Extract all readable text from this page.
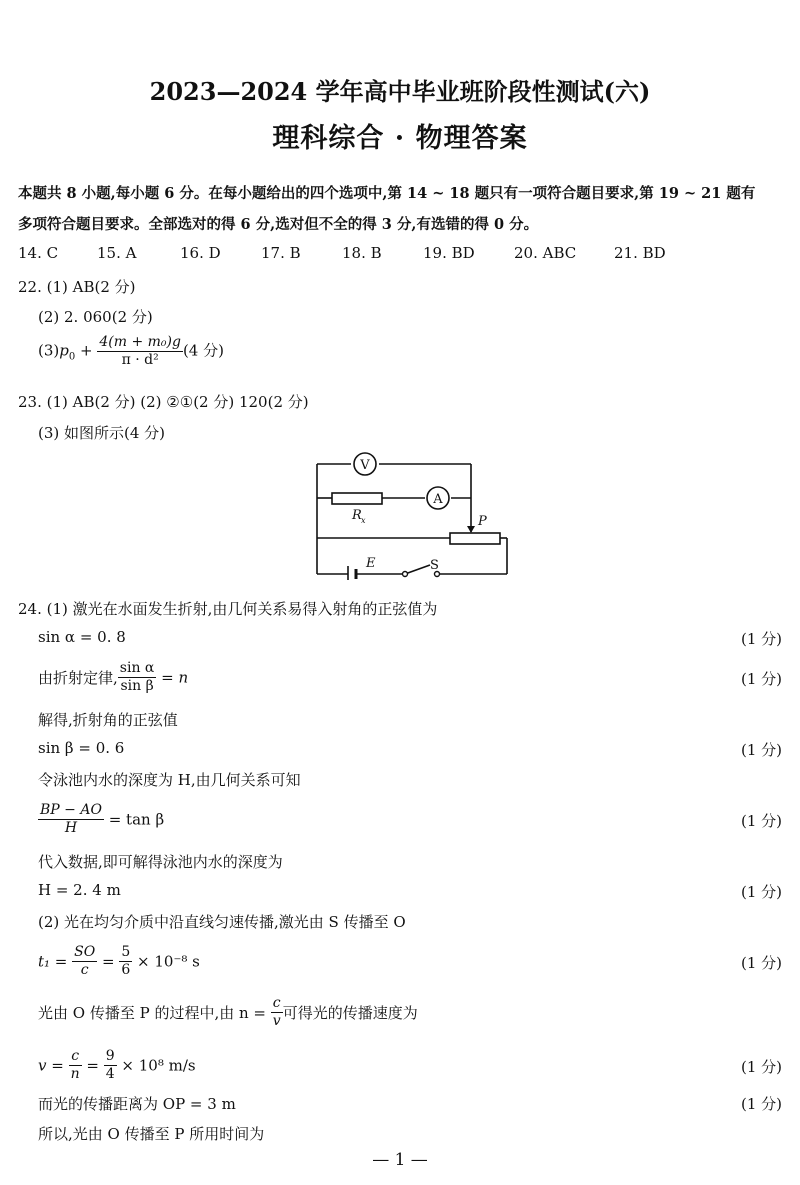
2023—2024 学年高中毕业班阶段性测试(六)
理科综合 · 物理答案
本题共 8 小题,每小题 6 分。在每小题给出的四个选项中,第 14 ~ 18 题只有一项符合题目要求,第 19 ~ 21 题有
多项符合题目要求。全部选对的得 6 分,选对但不全的得 3 分,有选错的得 0 分。
14. C	15. A	16. D	17. B	18. B	19. BD	20. ABC	21. BD
22. (1) AB(2 分)
(2) 2. 060(2 分)
$(3)p_0 + \frac{\text{4(m + m₀)g}}{\text{π · d²}} (4$ 分)
23. (1) AB(2 分) (2) ②①(2 分) 120(2 分)
(3) 如图所示(4 分)
V
A
R x	P
E	S
24. (1) 激光在水面发生折射,由几何关系易得入射角的正弦值为
sin α = 0. 8	(1 分)
由折射定律, $\frac{\text{sin α}}{\text{sin β}} = n$	(1 分)
解得,折射角的正弦值
sin β = 0. 6	(1 分)
令泳池内水的深度为 H,由几何关系可知
$\frac{BP - AO}{H} = \tan \beta$	(1 分)
代入数据,即可解得泳池内水的深度为
H = 2. 4 m	(1 分)
(2) 光在均匀介质中沿直线匀速传播,激光由 S 传播至 O
$t_1 = \frac{SO}{c} = \frac{5}{6} \times 10^{-8}$ s	(1 分)
光由 O 传播至 P 的过程中,由 $n = \frac{c}{v}$ 可得光的传播速度为
$v = \frac{c}{n} = \frac{9}{4} \times 10^8$ m/s	(1 分)
而光的传播距离为 OP = 3 m	(1 分)
所以,光由 O 传播至 P 所用时间为
— 1 —
